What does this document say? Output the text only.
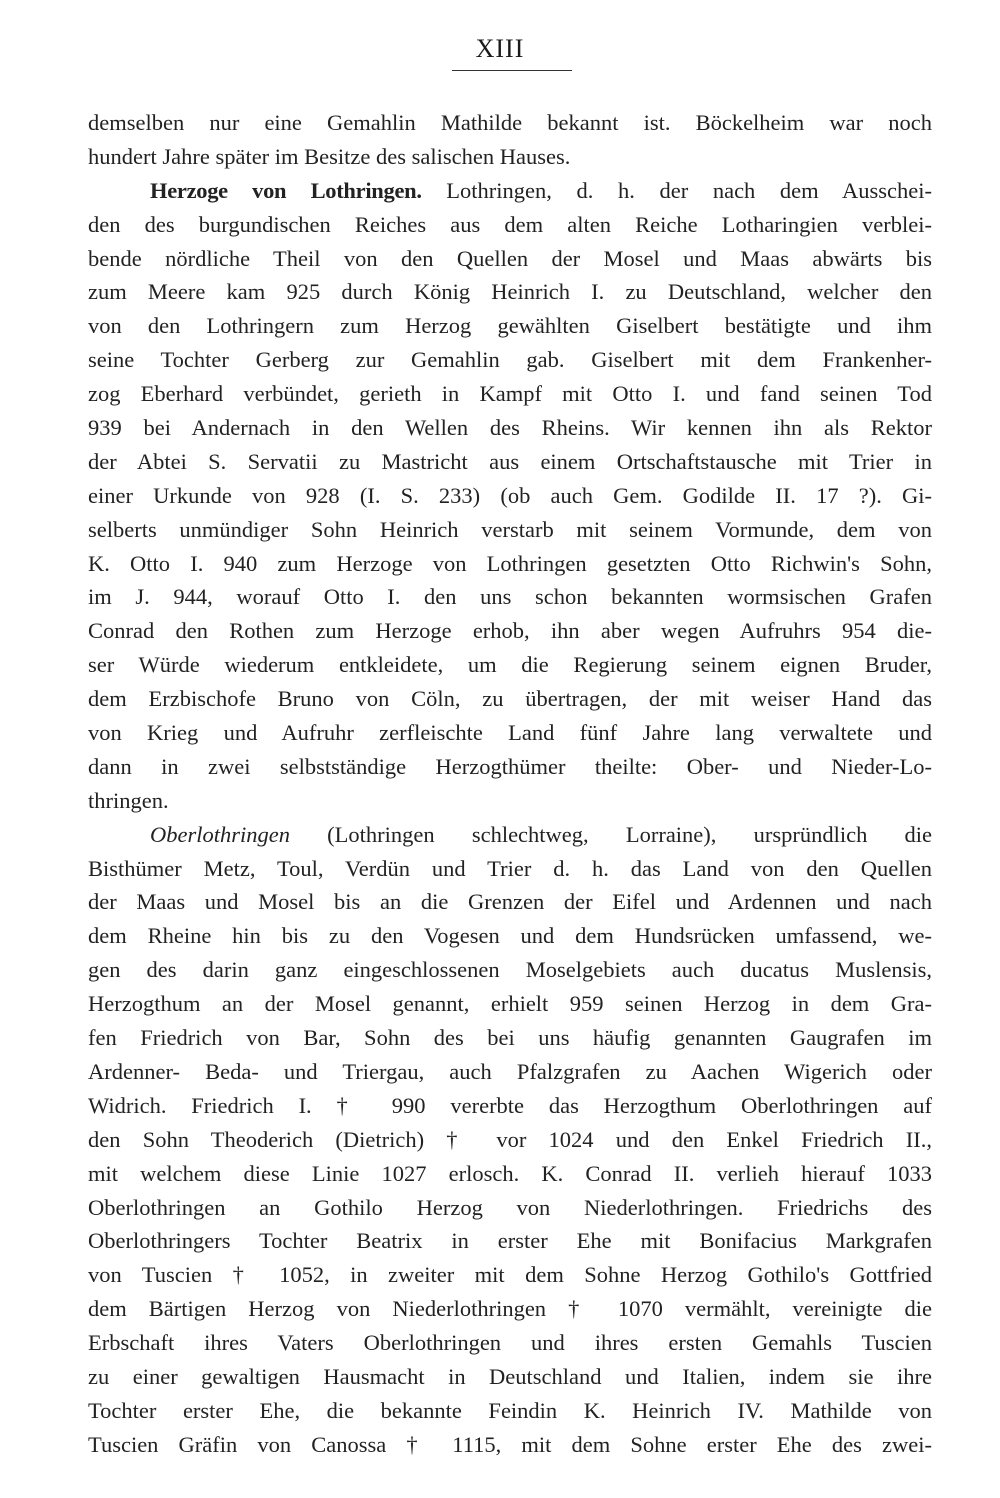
XIII
demselben nur eine Gemahlin Mathilde bekannt ist. Böckelheim war noch
hundert Jahre später im Besitze des salischen Hauses.
Herzoge von Lothringen. Lothringen, d. h. der nach dem Ausschei-
den des burgundischen Reiches aus dem alten Reiche Lotharingien verblei-
bende nördliche Theil von den Quellen der Mosel und Maas abwärts bis
zum Meere kam 925 durch König Heinrich I. zu Deutschland, welcher den
von den Lothringern zum Herzog gewählten Giselbert bestätigte und ihm
seine Tochter Gerberg zur Gemahlin gab. Giselbert mit dem Frankenher-
zog Eberhard verbündet, gerieth in Kampf mit Otto I. und fand seinen Tod
939 bei Andernach in den Wellen des Rheins. Wir kennen ihn als Rektor
der Abtei S. Servatii zu Mastricht aus einem Ortschaftstausche mit Trier in
einer Urkunde von 928 (I. S. 233) (ob auch Gem. Godilde II. 17 ?). Gi-
selberts unmündiger Sohn Heinrich verstarb mit seinem Vormunde, dem von
K. Otto I. 940 zum Herzoge von Lothringen gesetzten Otto Richwin's Sohn,
im J. 944, worauf Otto I. den uns schon bekannten wormsischen Grafen
Conrad den Rothen zum Herzoge erhob, ihn aber wegen Aufruhrs 954 die-
ser Würde wiederum entkleidete, um die Regierung seinem eignen Bruder,
dem Erzbischofe Bruno von Cöln, zu übertragen, der mit weiser Hand das
von Krieg und Aufruhr zerfleischte Land fünf Jahre lang verwaltete und
dann in zwei selbstständige Herzogthümer theilte: Ober- und Nieder-Lo-
thringen.
Oberlothringen (Lothringen schlechtweg, Lorraine), urspründlich die
Bisthümer Metz, Toul, Verdün und Trier d. h. das Land von den Quellen
der Maas und Mosel bis an die Grenzen der Eifel und Ardennen und nach
dem Rheine hin bis zu den Vogesen und dem Hundsrücken umfassend, we-
gen des darin ganz eingeschlossenen Moselgebiets auch ducatus Muslensis,
Herzogthum an der Mosel genannt, erhielt 959 seinen Herzog in dem Gra-
fen Friedrich von Bar, Sohn des bei uns häufig genannten Gaugrafen im
Ardenner- Beda- und Triergau, auch Pfalzgrafen zu Aachen Wigerich oder
Widrich. Friedrich I. † 990 vererbte das Herzogthum Oberlothringen auf
den Sohn Theoderich (Dietrich) † vor 1024 und den Enkel Friedrich II.,
mit welchem diese Linie 1027 erlosch. K. Conrad II. verlieh hierauf 1033
Oberlothringen an Gothilo Herzog von Niederlothringen. Friedrichs des
Oberlothringers Tochter Beatrix in erster Ehe mit Bonifacius Markgrafen
von Tuscien † 1052, in zweiter mit dem Sohne Herzog Gothilo's Gottfried
dem Bärtigen Herzog von Niederlothringen † 1070 vermählt, vereinigte die
Erbschaft ihres Vaters Oberlothringen und ihres ersten Gemahls Tuscien
zu einer gewaltigen Hausmacht in Deutschland und Italien, indem sie ihre
Tochter erster Ehe, die bekannte Feindin K. Heinrich IV. Mathilde von
Tuscien Gräfin von Canossa † 1115, mit dem Sohne erster Ehe des zwei-
